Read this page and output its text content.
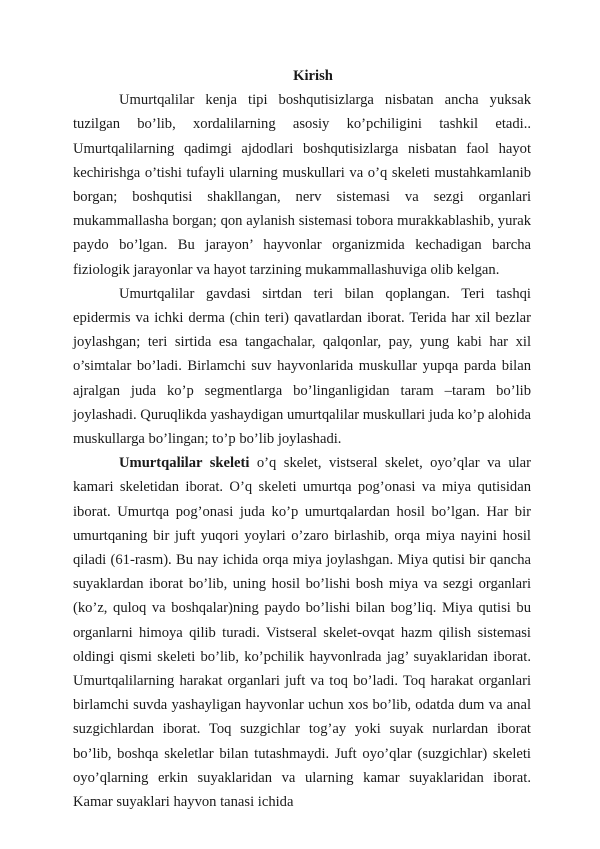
Kirish

Umurtqalilar kenja tipi boshqutisizlarga nisbatan ancha yuksak tuzilgan bo’lib, xordalilarning asosiy ko’pchiligini tashkil etadi.. Umurtqalilarning qadimgi ajdodlari boshqutisizlarga nisbatan faol hayot kechirishga o’tishi tufayli ularning muskullari va o’q skeleti mustahkamlanib borgan; boshqutisi shakllangan, nerv sistemasi va sezgi organlari mukammallasha borgan; qon aylanish sistemasi tobora murakkablashib, yurak paydo bo’lgan. Bu jarayon’ hayvonlar organizmida kechadigan barcha fiziologik jarayonlar va hayot tarzining mukammallashuviga olib kelgan.

Umurtqalilar gavdasi sirtdan teri bilan qoplangan. Teri tashqi epidermis va ichki derma (chin teri) qavatlardan iborat. Terida har xil bezlar joylashgan; teri sirtida esa tangachalar, qalqonlar, pay, yung kabi har xil o’simtalar bo’ladi. Birlamchi suv hayvonlarida muskullar yupqa parda bilan ajralgan juda ko’p segmentlarga bo’linganligidan taram –taram bo’lib joylashadi. Quruqlikda yashaydigan umurtqalilar muskullari juda ko’p alohida muskullarga bo’lingan; to’p bo’lib joylashadi.

Umurtqalilar skeleti o’q skelet, vistseral skelet, oyo’qlar va ular kamari skeletidan iborat. O’q skeleti umurtqa pog’onasi va miya qutisidan iborat. Umurtqa pog’onasi juda ko’p umurtqalardan hosil bo’lgan. Har bir umurtqaning bir juft yuqori yoylari o’zaro birlashib, orqa miya nayini hosil qiladi (61-rasm). Bu nay ichida orqa miya joylashgan. Miya qutisi bir qancha suyaklardan iborat bo’lib, uning hosil bo’lishi bosh miya va sezgi organlari (ko’z, quloq va boshqalar)ning paydo bo’lishi bilan bog’liq. Miya qutisi bu organlarni himoya qilib turadi. Vistseral skelet-ovqat hazm qilish sistemasi oldingi qismi skeleti bo’lib, ko’pchilik hayvonlrada jag’ suyaklaridan iborat. Umurtqalilarning harakat organlari juft va toq bo’ladi. Toq harakat organlari birlamchi suvda yashayligan hayvonlar uchun xos bo’lib, odatda dum va anal suzgichlardan iborat. Toq suzgichlar tog’ay yoki suyak nurlardan iborat bo’lib, boshqa skeletlar bilan tutashmaydi. Juft oyo’qlar (suzgichlar) skeleti oyo’qlarning erkin suyaklaridan va ularning kamar suyaklaridan iborat. Kamar suyaklari hayvon tanasi ichida
